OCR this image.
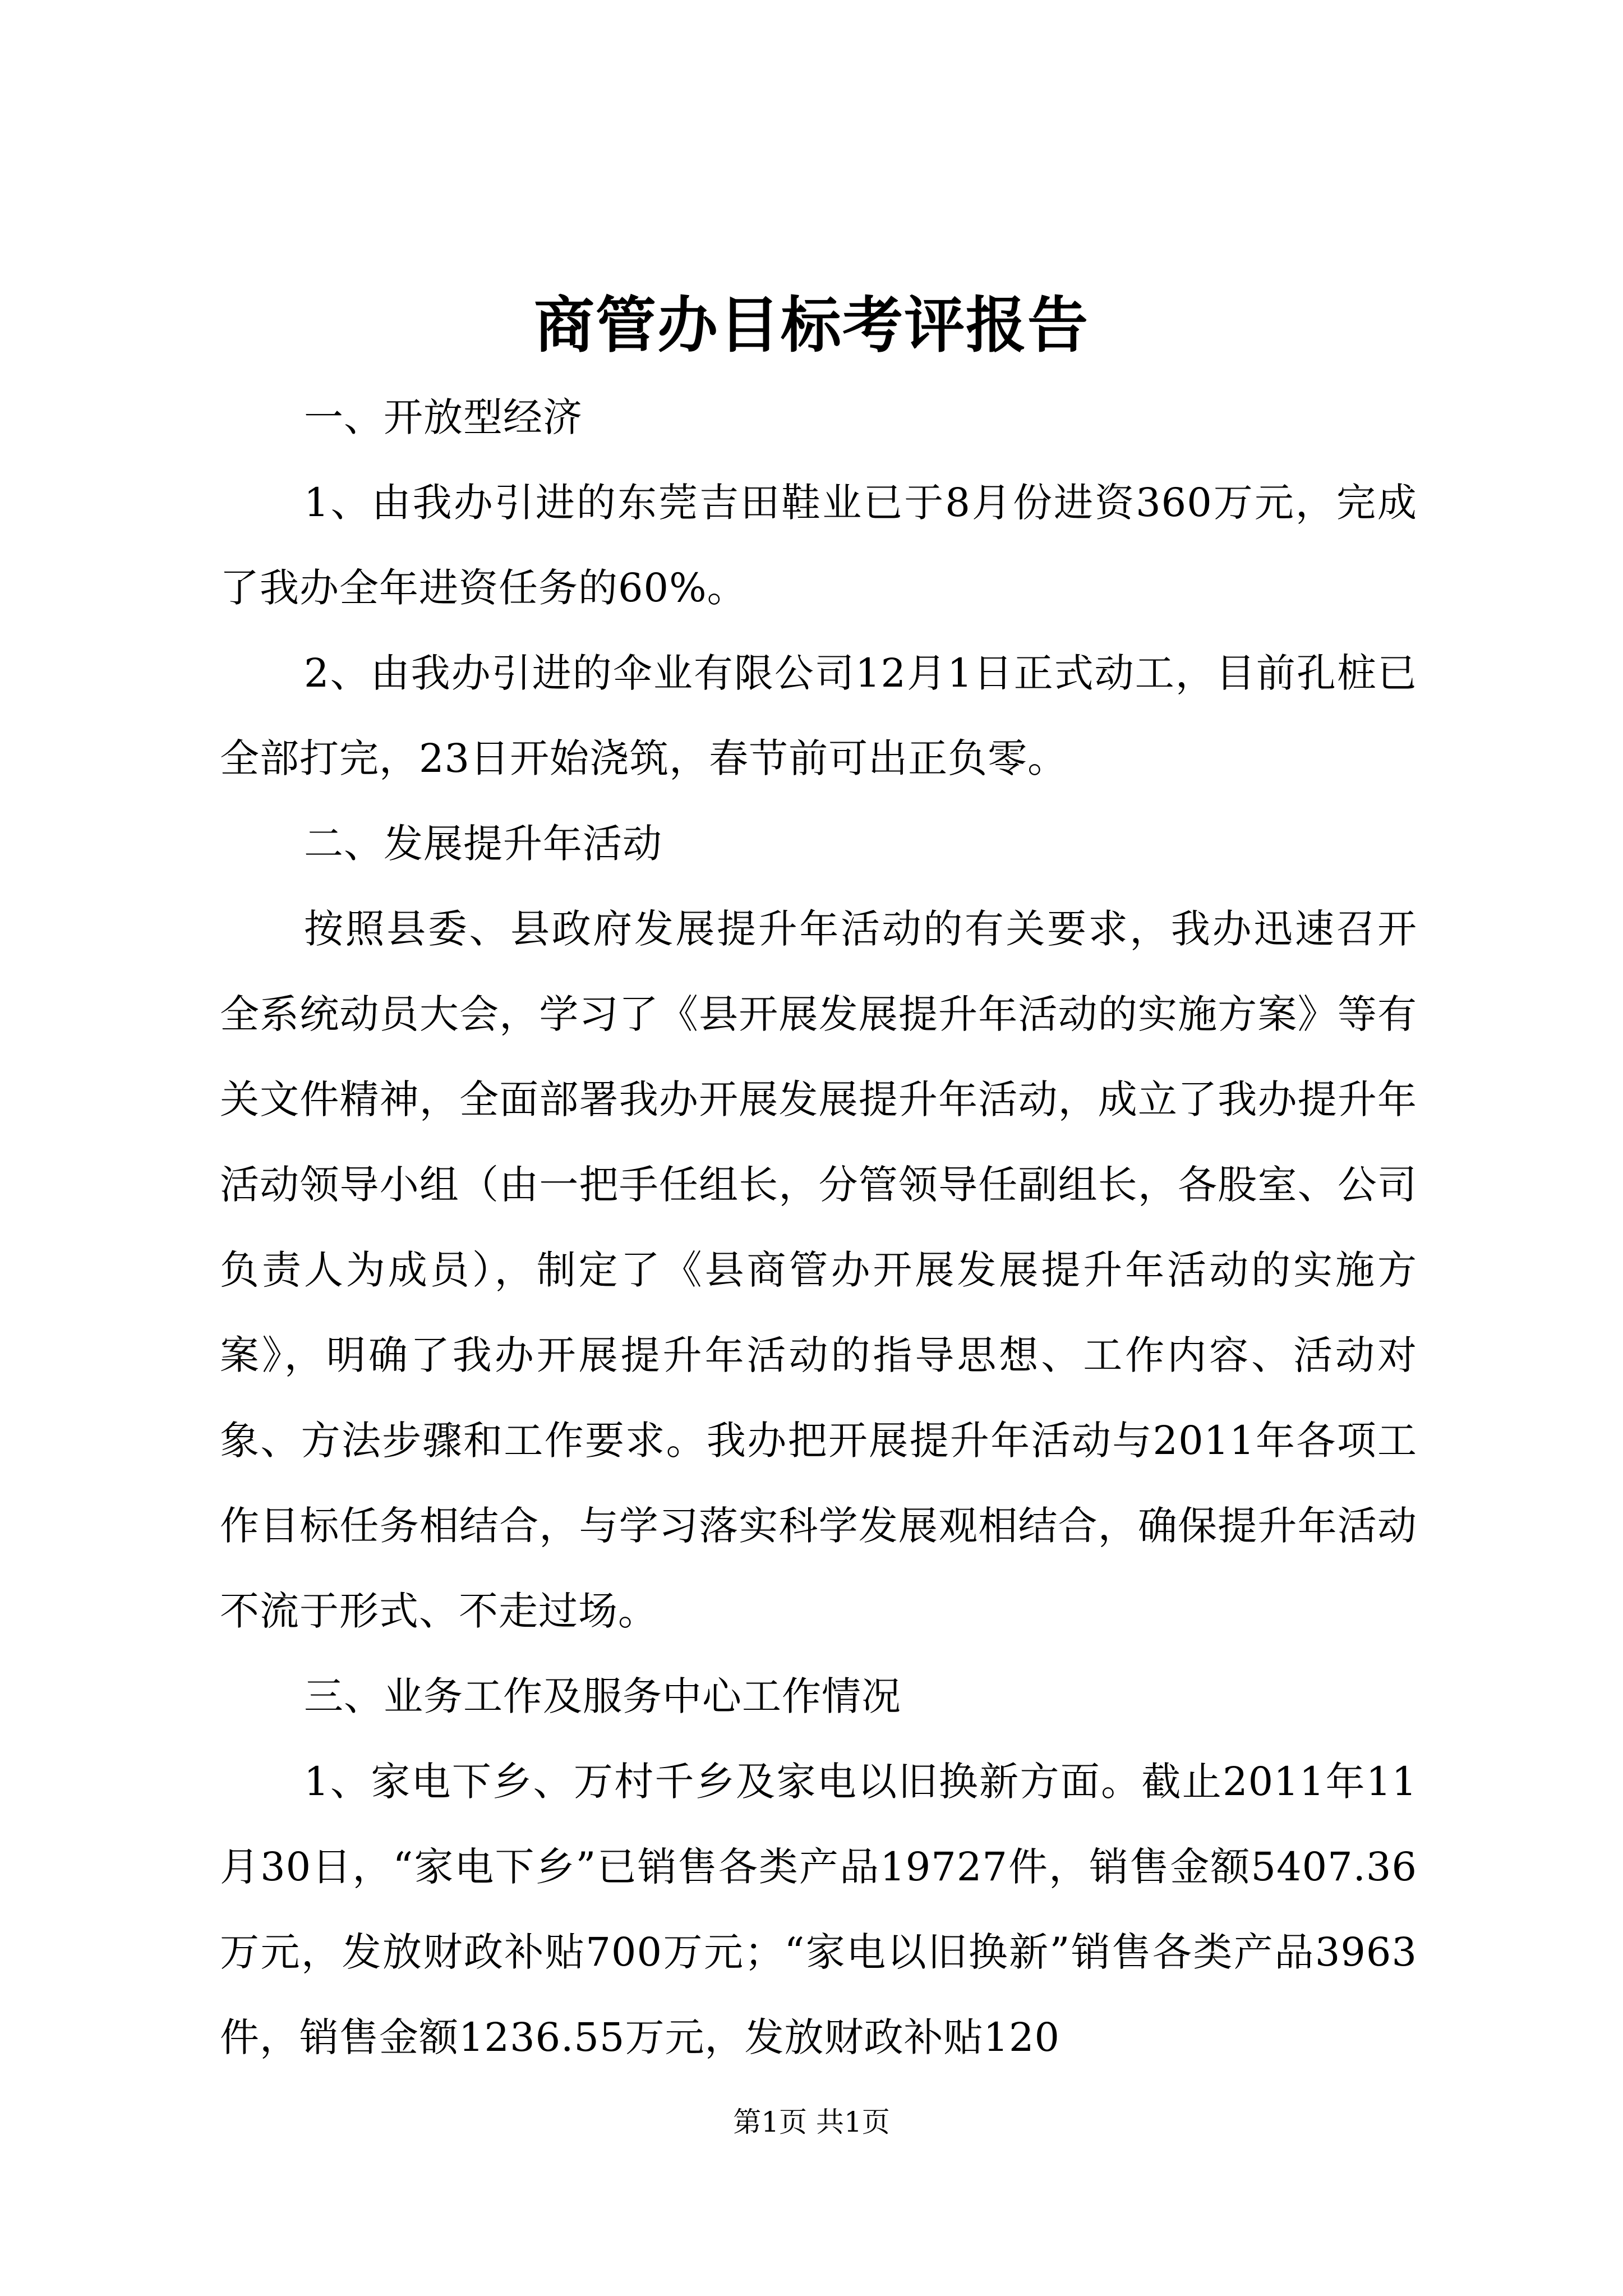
商管办目标考评报告

一、开放型经济

1、由我办引进的东莞吉田鞋业已于8月份进资360万元，完成了我办全年进资任务的60%。

2、由我办引进的伞业有限公司12月1日正式动工，目前孔桩已全部打完，23日开始浇筑，春节前可出正负零。

二、发展提升年活动

按照县委、县政府发展提升年活动的有关要求，我办迅速召开全系统动员大会，学习了《县开展发展提升年活动的实施方案》等有关文件精神，全面部署我办开展发展提升年活动，成立了我办提升年活动领导小组（由一把手任组长，分管领导任副组长，各股室、公司负责人为成员），制定了《县商管办开展发展提升年活动的实施方案》，明确了我办开展提升年活动的指导思想、工作内容、活动对象、方法步骤和工作要求。我办把开展提升年活动与2011年各项工作目标任务相结合，与学习落实科学发展观相结合，确保提升年活动不流于形式、不走过场。

三、业务工作及服务中心工作情况

1、家电下乡、万村千乡及家电以旧换新方面。截止2011年11月30日，“家电下乡”已销售各类产品19727件，销售金额5407.36万元，发放财政补贴700万元；“家电以旧换新”销售各类产品3963件，销售金额1236.55万元，发放财政补贴120

第1页 共1页
